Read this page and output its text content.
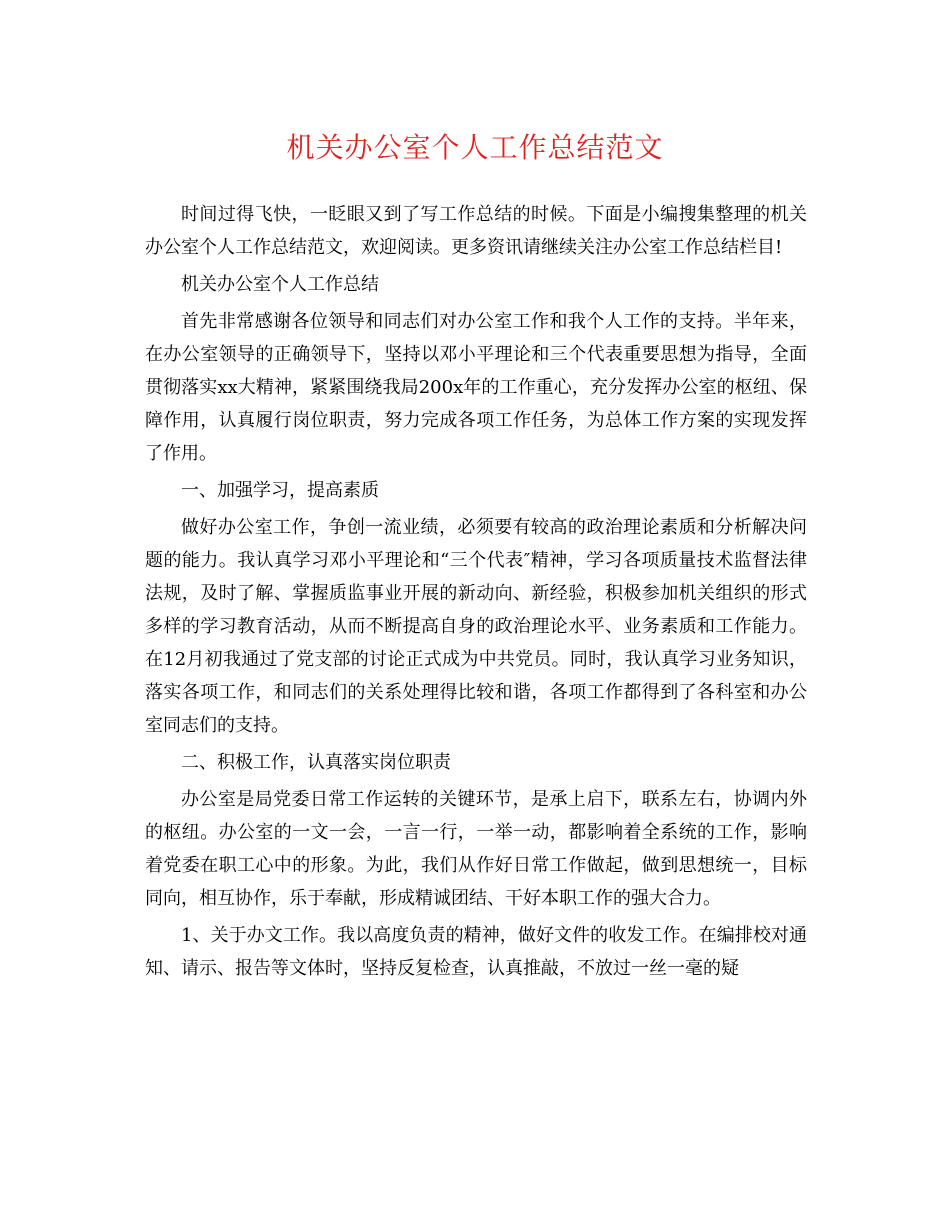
机关办公室个人工作总结范文

时间过得飞快，一眨眼又到了写工作总结的时候。下面是小编搜集整理的机关办公室个人工作总结范文，欢迎阅读。更多资讯请继续关注办公室工作总结栏目!

机关办公室个人工作总结

首先非常感谢各位领导和同志们对办公室工作和我个人工作的支持。半年来，在办公室领导的正确领导下，坚持以邓小平理论和三个代表重要思想为指导，全面贯彻落实xx大精神，紧紧围绕我局200x年的工作重心，充分发挥办公室的枢纽、保障作用，认真履行岗位职责，努力完成各项工作任务，为总体工作方案的实现发挥了作用。

一、加强学习，提高素质

做好办公室工作，争创一流业绩，必须要有较高的政治理论素质和分析解决问题的能力。我认真学习邓小平理论和“三个代表″精神，学习各项质量技术监督法律法规，及时了解、掌握质监事业开展的新动向、新经验，积极参加机关组织的形式多样的学习教育活动，从而不断提高自身的政治理论水平、业务素质和工作能力。在12月初我通过了党支部的讨论正式成为中共党员。同时，我认真学习业务知识，落实各项工作，和同志们的关系处理得比较和谐，各项工作都得到了各科室和办公室同志们的支持。

二、积极工作，认真落实岗位职责

办公室是局党委日常工作运转的关键环节，是承上启下，联系左右，协调内外的枢纽。办公室的一文一会，一言一行，一举一动，都影响着全系统的工作，影响着党委在职工心中的形象。为此，我们从作好日常工作做起，做到思想统一，目标同向，相互协作，乐于奉献，形成精诚团结、干好本职工作的强大合力。

1、关于办文工作。我以高度负责的精神，做好文件的收发工作。在编排校对通知、请示、报告等文体时，坚持反复检查，认真推敲，不放过一丝一毫的疑
